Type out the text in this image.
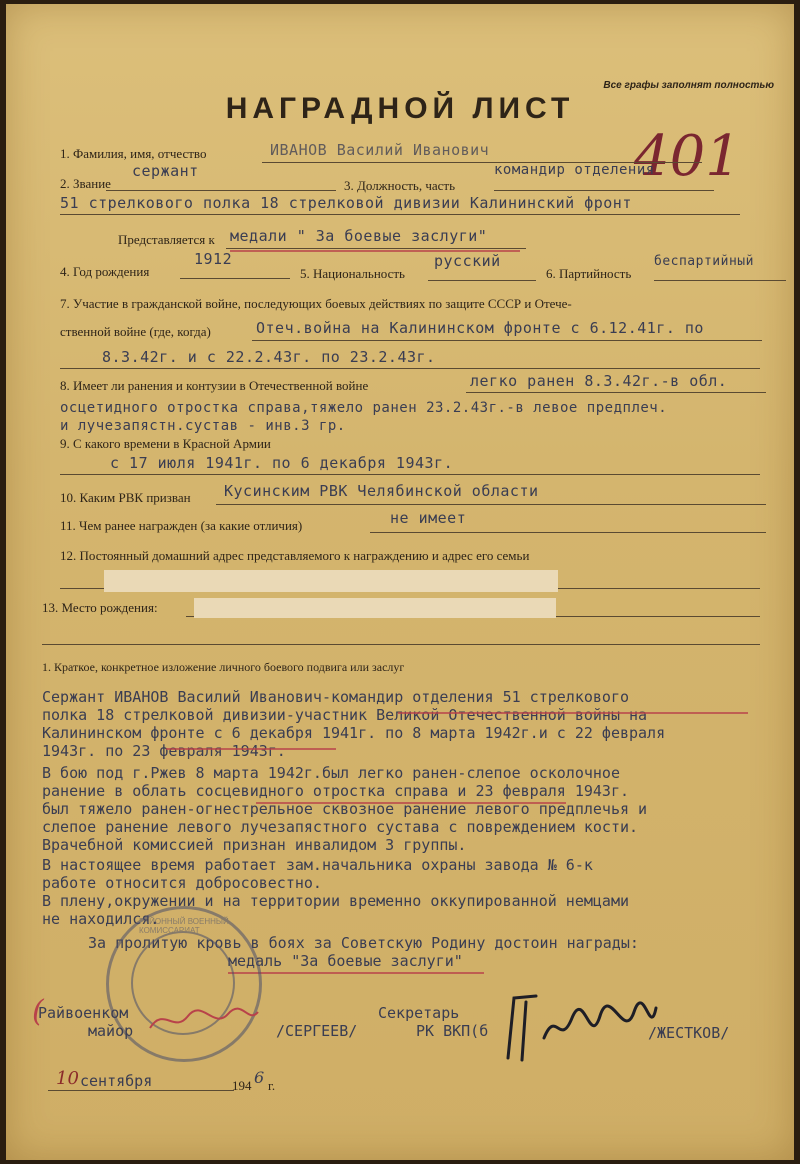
Все графы заполнят полностью
НАГРАДНОЙ ЛИСТ
401
1. Фамилия, имя, отчество	ИВАНОВ Василий Иванович
2. Звание
сержант
3. Должность, часть
командир отделения
51 стрелкового полка 18 стрелковой дивизии Калининский фронт
Представляется к медали " За боевые заслуги"
4. Год рождения
1912
5. Национальность
русский
6. Партийность
беспартийный
7. Участие в гражданской войне, последующих боевых действиях по защите СССР и Отече-
ственной войне (где, когда)	Отеч.война на Калининском фронте с 6.12.41г. по
8.3.42г. и с 22.2.43г. по 23.2.43г.
8. Имеет ли ранения и контузии в Отечественной войне	легко ранен 8.3.42г.-в обл.
осцетидного отростка справа,тяжело ранен 23.2.43г.-в левое предплеч.
и лучезапястн.сустав - инв.3 гр.
9. С какого времени в Красной Армии
с 17 июля 1941г. по 6 декабря 1943г.
10. Каким РВК призван Кусинским РВК Челябинской области
11. Чем ранее награжден (за какие отличия)	не имеет
12. Постоянный домашний адрес представляемого к награждению и адрес его семьи
13. Место рождения:
1. Краткое, конкретное изложение личного боевого подвига или заслуг
Сержант ИВАНОВ Василий Иванович-командир отделения 51 стрелкового
полка 18 стрелковой дивизии-участник Великой Отечественной войны на
Калининском фронте с 6 декабря 1941г. по 8 марта 1942г.и с 22 февраля
1943г. по 23 февраля 1943г.
В бою под г.Ржев 8 марта 1942г.был легко ранен-слепое осколочное
ранение в облать сосцевидного отростка справа и 23 февраля 1943г.
был тяжело ранен-огнестрельное сквозное ранение левого предплечья и
слепое ранение левого лучезапястного сустава с повреждением кости.
Врачебной комиссией признан инвалидом 3 группы.
В настоящее время работает зам.начальника охраны завода № 6-к
работе относится добросовестно.
В плену,окружении и на территории временно оккупированной немцами
не находился.
За пролитую кровь в боях за Советскую Родину достоин награды:
медаль "За боевые заслуги"
РАЙОННЫЙ ВОЕННЫЙ КОМИССАРИАТ
Райвоенком
майор	/СЕРГЕЕВ/
Секретарь
РК ВКП(б	/ЖЕСТКОВ/
(
10 сентября	194 6 г.
